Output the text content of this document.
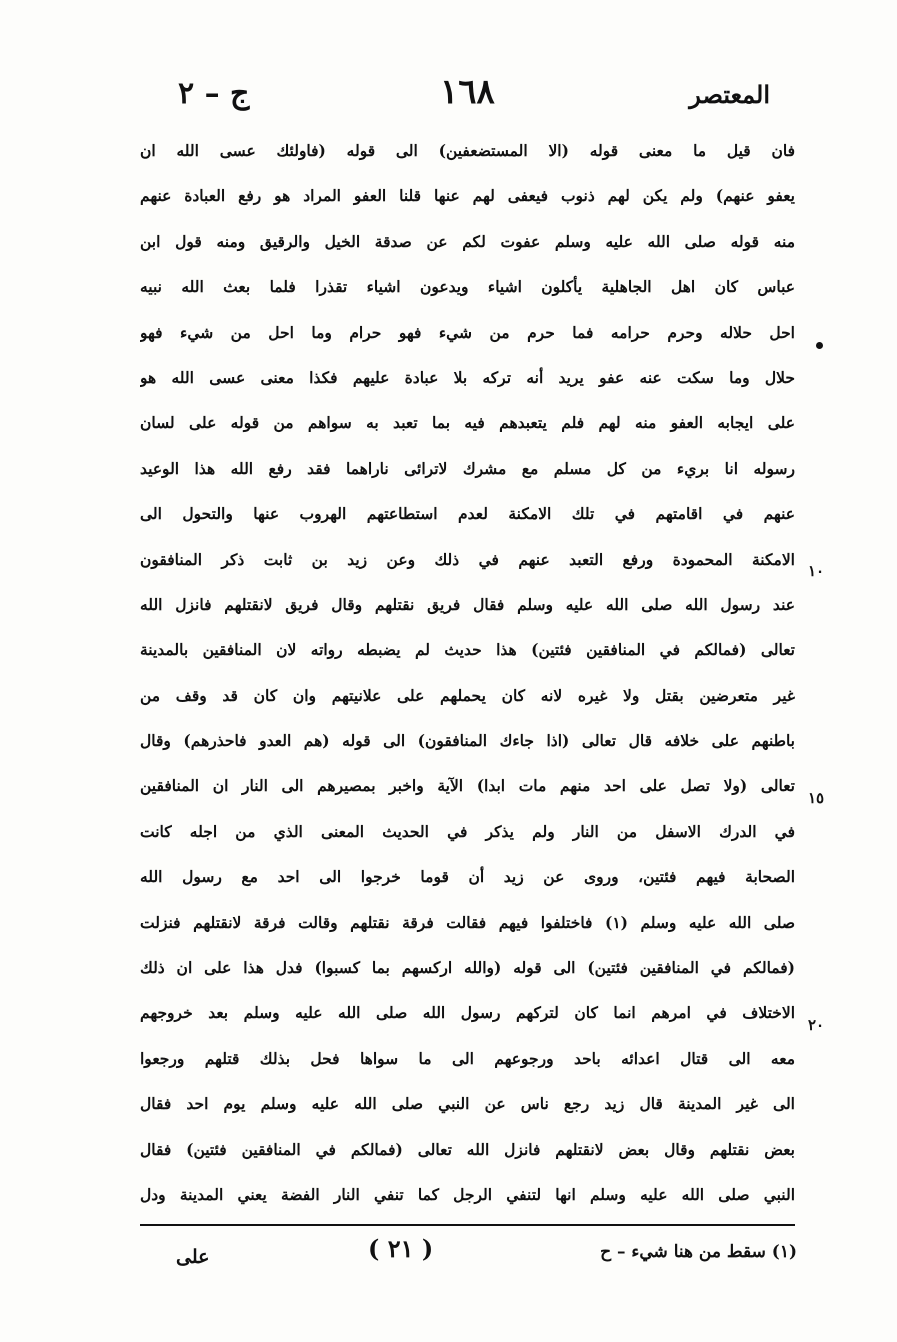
ج – ٢	١٦٨	المعتصر
١٠
١٥
٢٠
فان قيل ما معنى قوله (الا المستضعفين) الى قوله (فاولئك عسى الله ان
يعفو عنهم) ولم يكن لهم ذنوب فيعفى لهم عنها قلنا العفو المراد هو رفع العبادة عنهم
منه قوله صلى الله عليه وسلم عفوت لكم عن صدقة الخيل والرقيق ومنه قول ابن
عباس كان اهل الجاهلية يأكلون اشياء ويدعون اشياء تقذرا فلما بعث الله نبيه
احل حلاله وحرم حرامه فما حرم من شيء فهو حرام وما احل من شيء فهو
حلال وما سكت عنه عفو يريد أنه تركه بلا عبادة عليهم فكذا معنى عسى الله هو
على ايجابه العفو منه لهم فلم يتعبدهم فيه بما تعبد به سواهم من قوله على لسان
رسوله انا بريء من كل مسلم مع مشرك لاترائى ناراهما فقد رفع الله هذا الوعيد
عنهم في اقامتهم في تلك الامكنة لعدم استطاعتهم الهروب عنها والتحول الى
الامكنة المحمودة ورفع التعبد عنهم في ذلك وعن زيد بن ثابت ذكر المنافقون
عند رسول الله صلى الله عليه وسلم فقال فريق نقتلهم وقال فريق لانقتلهم فانزل الله
تعالى (فمالكم في المنافقين فئتين) هذا حديث لم يضبطه رواته لان المنافقين بالمدينة
غير متعرضين بقتل ولا غيره لانه كان يحملهم على علانيتهم وان كان قد وقف من
باطنهم على خلافه قال تعالى (اذا جاءك المنافقون) الى قوله (هم العدو فاحذرهم) وقال
تعالى (ولا تصل على احد منهم مات ابدا) الآية واخبر بمصيرهم الى النار ان المنافقين
في الدرك الاسفل من النار ولم يذكر في الحديث المعنى الذي من اجله كانت
الصحابة فيهم فئتين، وروى عن زيد أن قوما خرجوا الى احد مع رسول الله
صلى الله عليه وسلم (١) فاختلفوا فيهم فقالت فرقة نقتلهم وقالت فرقة لانقتلهم فنزلت
(فمالكم في المنافقين فئتين) الى قوله (والله اركسهم بما كسبوا) فدل هذا على ان ذلك
الاختلاف في امرهم انما كان لتركهم رسول الله صلى الله عليه وسلم بعد خروجهم
معه الى قتال اعدائه باحد ورجوعهم الى ما سواها فحل بذلك قتلهم ورجعوا
الى غير المدينة قال زيد رجع ناس عن النبي صلى الله عليه وسلم يوم احد فقال
بعض نقتلهم وقال بعض لانقتلهم فانزل الله تعالى (فمالكم في المنافقين فئتين) فقال
النبي صلى الله عليه وسلم انها لتنفي الرجل كما تنفي النار الفضة يعني المدينة ودل
(١) سقط من هنا شيء – ح
( ٢١ )
على
